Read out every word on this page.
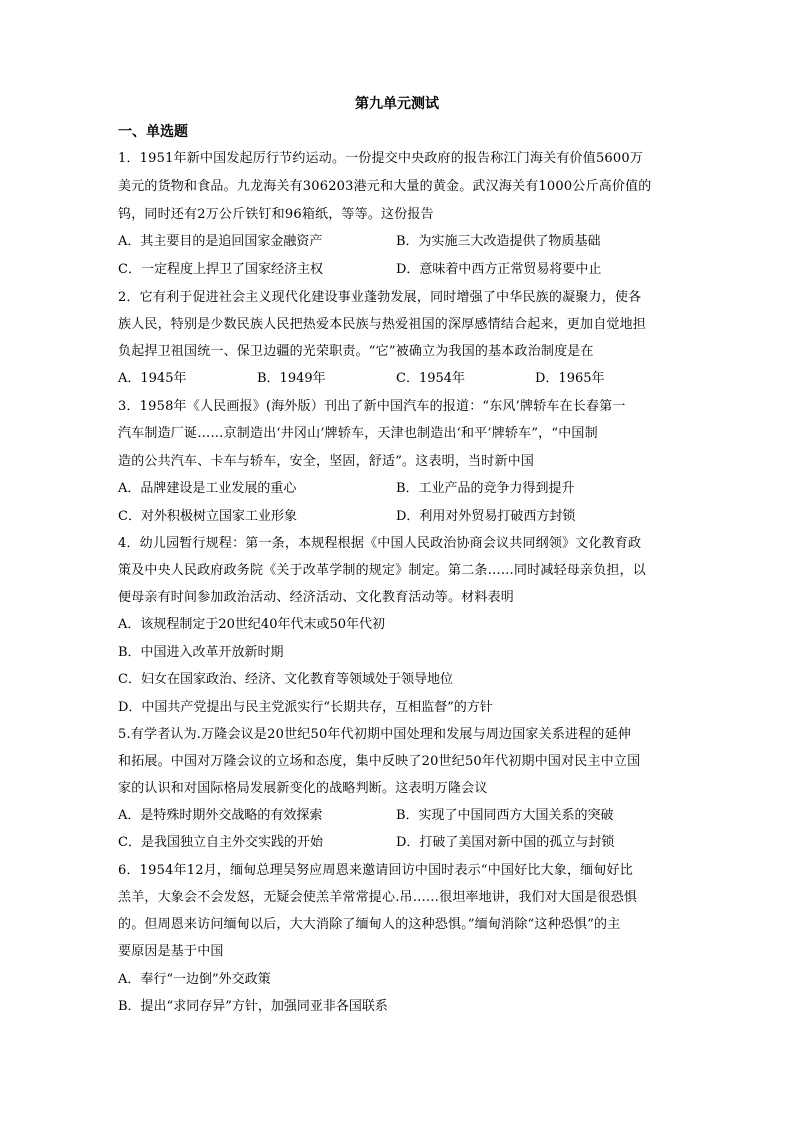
第九单元测试
一、单选题
1．1951年新中国发起厉行节约运动。一份提交中央政府的报告称江门海关有价值5600万
美元的货物和食品。九龙海关有306203港元和大量的黄金。武汉海关有1000公斤高价值的
钨，同时还有2万公斤铁钉和96箱纸，等等。这份报告
A．其主要目的是追回国家金融资产	B．为实施三大改造提供了物质基础
C．一定程度上捍卫了国家经济主权	D．意味着中西方正常贸易将要中止
2．它有利于促进社会主义现代化建设事业蓬勃发展，同时增强了中华民族的凝聚力，使各
族人民，特别是少数民族人民把热爱本民族与热爱祖国的深厚感情结合起来，更加自觉地担
负起捍卫祖国统一、保卫边疆的光荣职责。“它”被确立为我国的基本政治制度是在
A．1945年	B．1949年	C．1954年	D．1965年
3．1958年《人民画报》(海外版）刊出了新中国汽车的报道：“东风’牌轿车在长春第一
汽车制造厂诞……京制造出‘井冈山’牌轿车，天津也制造出‘和平’牌轿车”，“中国制
造的公共汽车、卡车与轿车，安全，坚固，舒适”。这表明，当时新中国
A．品牌建设是工业发展的重心	B．工业产品的竞争力得到提升
C．对外积极树立国家工业形象	D．利用对外贸易打破西方封锁
4．幼儿园暂行规程：第一条，本规程根据《中国人民政治协商会议共同纲领》文化教育政
策及中央人民政府政务院《关于改革学制的规定》制定。第二条……同时减轻母亲负担，以
便母亲有时间参加政治活动、经济活动、文化教育活动等。材料表明
A．该规程制定于20世纪40年代末或50年代初
B．中国进入改革开放新时期
C．妇女在国家政治、经济、文化教育等领域处于领导地位
D．中国共产党提出与民主党派实行“长期共存，互相监督”的方针
5.有学者认为.万隆会议是20世纪50年代初期中国处理和发展与周边国家关系进程的延伸
和拓展。中国对万隆会议的立场和态度，集中反映了20世纪50年代初期中国对民主中立国
家的认识和对国际格局发展新变化的战略判断。这表明万隆会议
A．是特殊时期外交战略的有效探索	B．实现了中国同西方大国关系的突破
C．是我国独立自主外交实践的开始	D．打破了美国对新中国的孤立与封锁
6．1954年12月，缅甸总理吴努应周恩来邀请回访中国时表示“中国好比大象，缅甸好比
羔羊，大象会不会发怒，无疑会使羔羊常常提心.吊……很坦率地讲，我们对大国是很恐惧
的。但周恩来访问缅甸以后，大大消除了缅甸人的这种恐惧。”缅甸消除“这种恐惧”的主
要原因是基于中国
A．奉行“一边倒”外交政策
B．提出“求同存异”方针，加强同亚非各国联系
